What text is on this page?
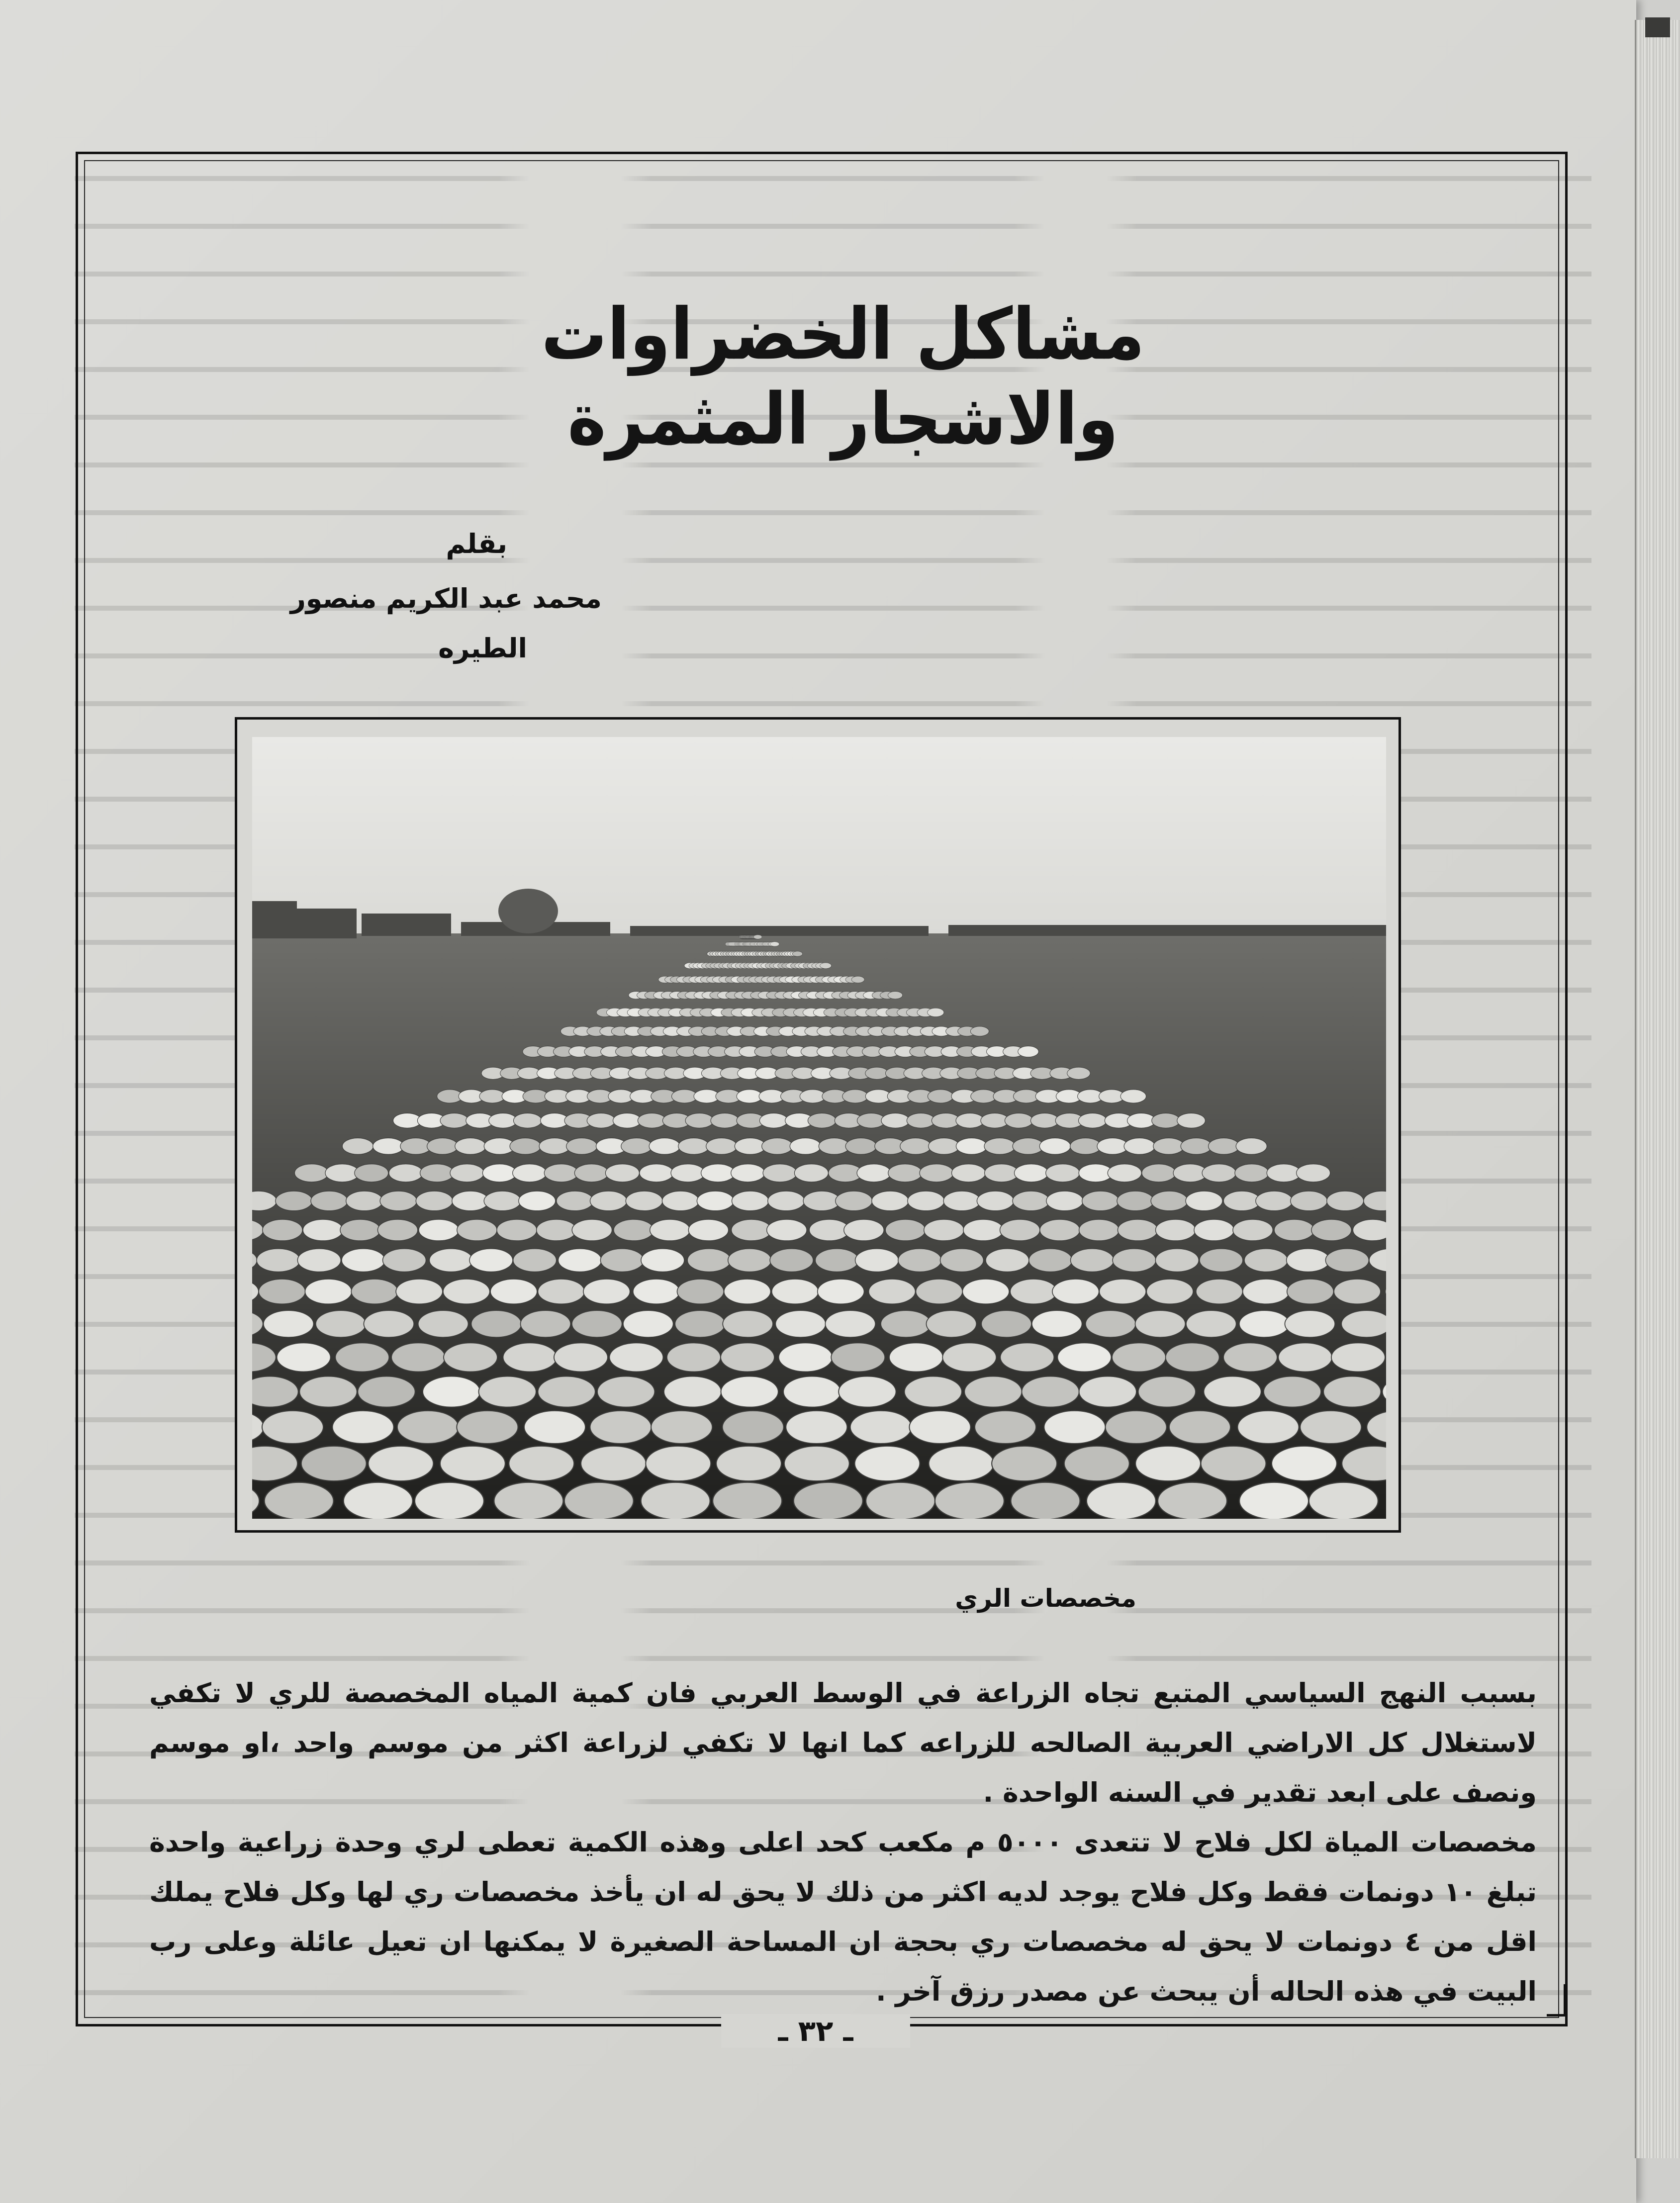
مشاكل الخضراوات والاشجار المثمرة
بقلم
محمد عبد الكريم منصور
الطيره
مخصصات الري

بسبب النهج السياسي المتبع تجاه الزراعة في الوسط العربي فان كمية المياه المخصصة للري لا تكفي لاستغلال كل الاراضي العربية الصالحه للزراعه كما انها لا تكفي لزراعة اكثر من موسم واحد ،او موسم ونصف على ابعد تقدير في السنه الواحدة .

مخصصات المياة لكل فلاح لا تتعدى ٥٠٠٠ م مكعب كحد اعلى وهذه الكمية تعطى لري وحدة زراعية واحدة تبلغ ١٠ دونمات فقط وكل فلاح يوجد لديه اكثر من ذلك لا يحق له ان يأخذ مخصصات ري لها وكل فلاح يملك اقل من ٤ دونمات لا يحق له مخصصات ري بحجة ان المساحة الصغيرة لا يمكنها ان تعيل عائلة وعلى رب البيت في هذه الحاله أن يبحث عن مصدر رزق آخر .

ـ ٣٢ ـ
